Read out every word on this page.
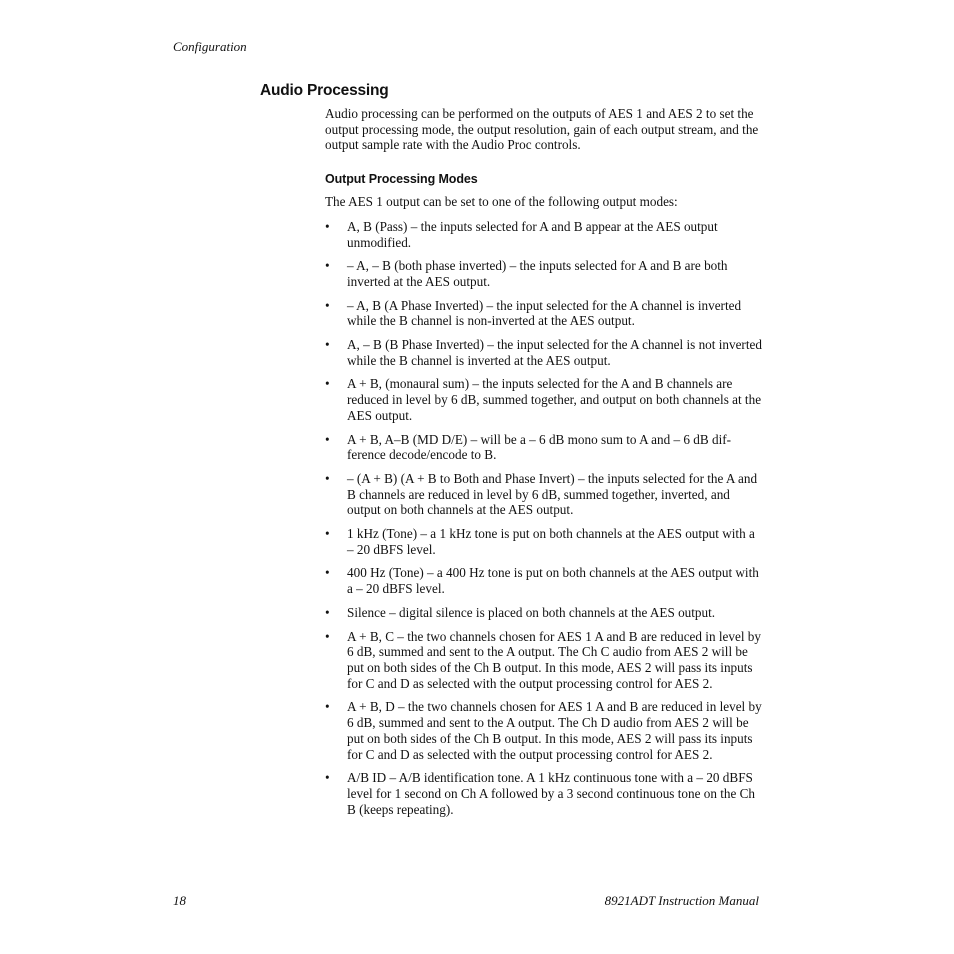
Configuration
Audio Processing

Audio processing can be performed on the outputs of AES 1 and AES 2 to set the output processing mode, the output resolution, gain of each output stream, and the output sample rate with the Audio Proc controls.

Output Processing Modes

The AES 1 output can be set to one of the following output modes:

• A, B (Pass) – the inputs selected for A and B appear at the AES output unmodified.
• – A, – B (both phase inverted) – the inputs selected for A and B are both inverted at the AES output.
• – A, B (A Phase Inverted) – the input selected for the A channel is inverted while the B channel is non-inverted at the AES output.
• A, – B (B Phase Inverted) – the input selected for the A channel is not inverted while the B channel is inverted at the AES output.
• A + B, (monaural sum) – the inputs selected for the A and B channels are reduced in level by 6 dB, summed together, and output on both channels at the AES output.
• A + B, A–B (MD D/E) – will be a – 6 dB mono sum to A and – 6 dB dif-ference decode/encode to B.
• – (A + B) (A + B to Both and Phase Invert) – the inputs selected for the A and B channels are reduced in level by 6 dB, summed together, inverted, and output on both channels at the AES output.
• 1 kHz (Tone) – a 1 kHz tone is put on both channels at the AES output with a – 20 dBFS level.
• 400 Hz (Tone) – a 400 Hz tone is put on both channels at the AES output with a – 20 dBFS level.
• Silence – digital silence is placed on both channels at the AES output.
• A + B, C – the two channels chosen for AES 1 A and B are reduced in level by 6 dB, summed and sent to the A output. The Ch C audio from AES 2 will be put on both sides of the Ch B output. In this mode, AES 2 will pass its inputs for C and D as selected with the output processing control for AES 2.
• A + B, D – the two channels chosen for AES 1 A and B are reduced in level by 6 dB, summed and sent to the A output. The Ch D audio from AES 2 will be put on both sides of the Ch B output. In this mode, AES 2 will pass its inputs for C and D as selected with the output processing control for AES 2.
• A/B ID – A/B identification tone. A 1 kHz continuous tone with a – 20 dBFS level for 1 second on Ch A followed by a 3 second continuous tone on the Ch B (keeps repeating).
18	8921ADT Instruction Manual
